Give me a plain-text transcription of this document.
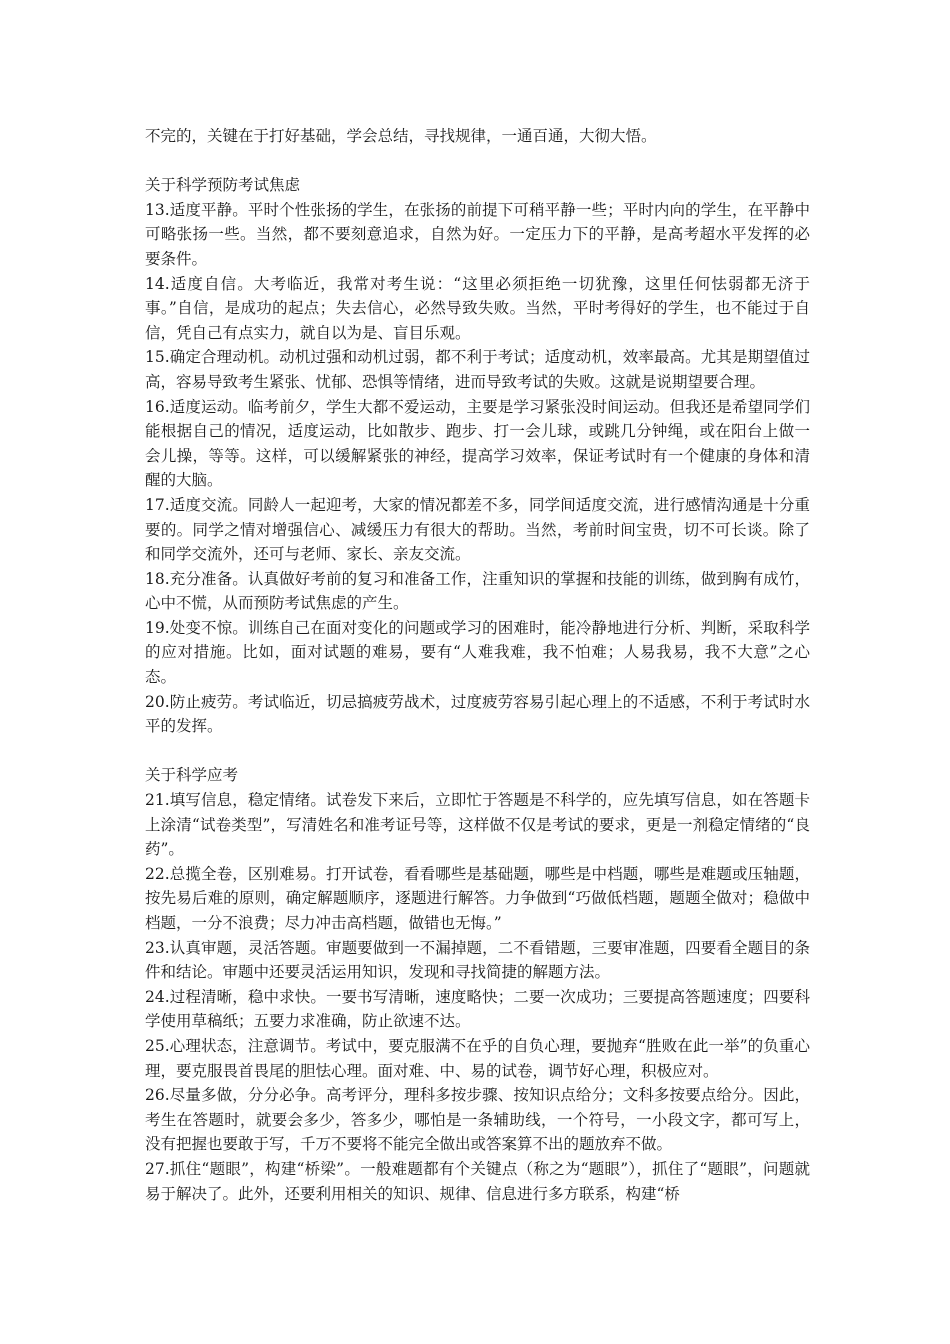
不完的，关键在于打好基础，学会总结，寻找规律，一通百通，大彻大悟。

关于科学预防考试焦虑

13.适度平静。平时个性张扬的学生，在张扬的前提下可稍平静一些；平时内向的学生，在平静中可略张扬一些。当然，都不要刻意追求，自然为好。一定压力下的平静，是高考超水平发挥的必要条件。

14.适度自信。大考临近，我常对考生说：“这里必须拒绝一切犹豫，这里任何怯弱都无济于事。”自信，是成功的起点；失去信心，必然导致失败。当然，平时考得好的学生，也不能过于自信，凭自己有点实力，就自以为是、盲目乐观。

15.确定合理动机。动机过强和动机过弱，都不利于考试；适度动机，效率最高。尤其是期望值过高，容易导致考生紧张、忧郁、恐惧等情绪，进而导致考试的失败。这就是说期望要合理。

16.适度运动。临考前夕，学生大都不爱运动，主要是学习紧张没时间运动。但我还是希望同学们能根据自己的情况，适度运动，比如散步、跑步、打一会儿球，或跳几分钟绳，或在阳台上做一会儿操，等等。这样，可以缓解紧张的神经，提高学习效率，保证考试时有一个健康的身体和清醒的大脑。

17.适度交流。同龄人一起迎考，大家的情况都差不多，同学间适度交流，进行感情沟通是十分重要的。同学之情对增强信心、减缓压力有很大的帮助。当然，考前时间宝贵，切不可长谈。除了和同学交流外，还可与老师、家长、亲友交流。

18.充分准备。认真做好考前的复习和准备工作，注重知识的掌握和技能的训练，做到胸有成竹，心中不慌，从而预防考试焦虑的产生。

19.处变不惊。训练自己在面对变化的问题或学习的困难时，能冷静地进行分析、判断，采取科学的应对措施。比如，面对试题的难易，要有“人难我难，我不怕难；人易我易，我不大意”之心态。

20.防止疲劳。考试临近，切忌搞疲劳战术，过度疲劳容易引起心理上的不适感，不利于考试时水平的发挥。

关于科学应考

21.填写信息，稳定情绪。试卷发下来后，立即忙于答题是不科学的，应先填写信息，如在答题卡上涂清“试卷类型”，写清姓名和准考证号等，这样做不仅是考试的要求，更是一剂稳定情绪的“良药”。

22.总揽全卷，区别难易。打开试卷，看看哪些是基础题，哪些是中档题，哪些是难题或压轴题，按先易后难的原则，确定解题顺序，逐题进行解答。力争做到“巧做低档题，题题全做对；稳做中档题，一分不浪费；尽力冲击高档题，做错也无悔。”

23.认真审题，灵活答题。审题要做到一不漏掉题，二不看错题，三要审准题，四要看全题目的条件和结论。审题中还要灵活运用知识，发现和寻找简捷的解题方法。

24.过程清晰，稳中求快。一要书写清晰，速度略快；二要一次成功；三要提高答题速度；四要科学使用草稿纸；五要力求准确，防止欲速不达。

25.心理状态，注意调节。考试中，要克服满不在乎的自负心理，要抛弃“胜败在此一举”的负重心理，要克服畏首畏尾的胆怯心理。面对难、中、易的试卷，调节好心理，积极应对。

26.尽量多做，分分必争。高考评分，理科多按步骤、按知识点给分；文科多按要点给分。因此，考生在答题时，就要会多少，答多少，哪怕是一条辅助线，一个符号，一小段文字，都可写上，没有把握也要敢于写，千万不要将不能完全做出或答案算不出的题放弃不做。

27.抓住“题眼”，构建“桥梁”。一般难题都有个关键点（称之为“题眼”），抓住了“题眼”，问题就易于解决了。此外，还要利用相关的知识、规律、信息进行多方联系，构建“桥
